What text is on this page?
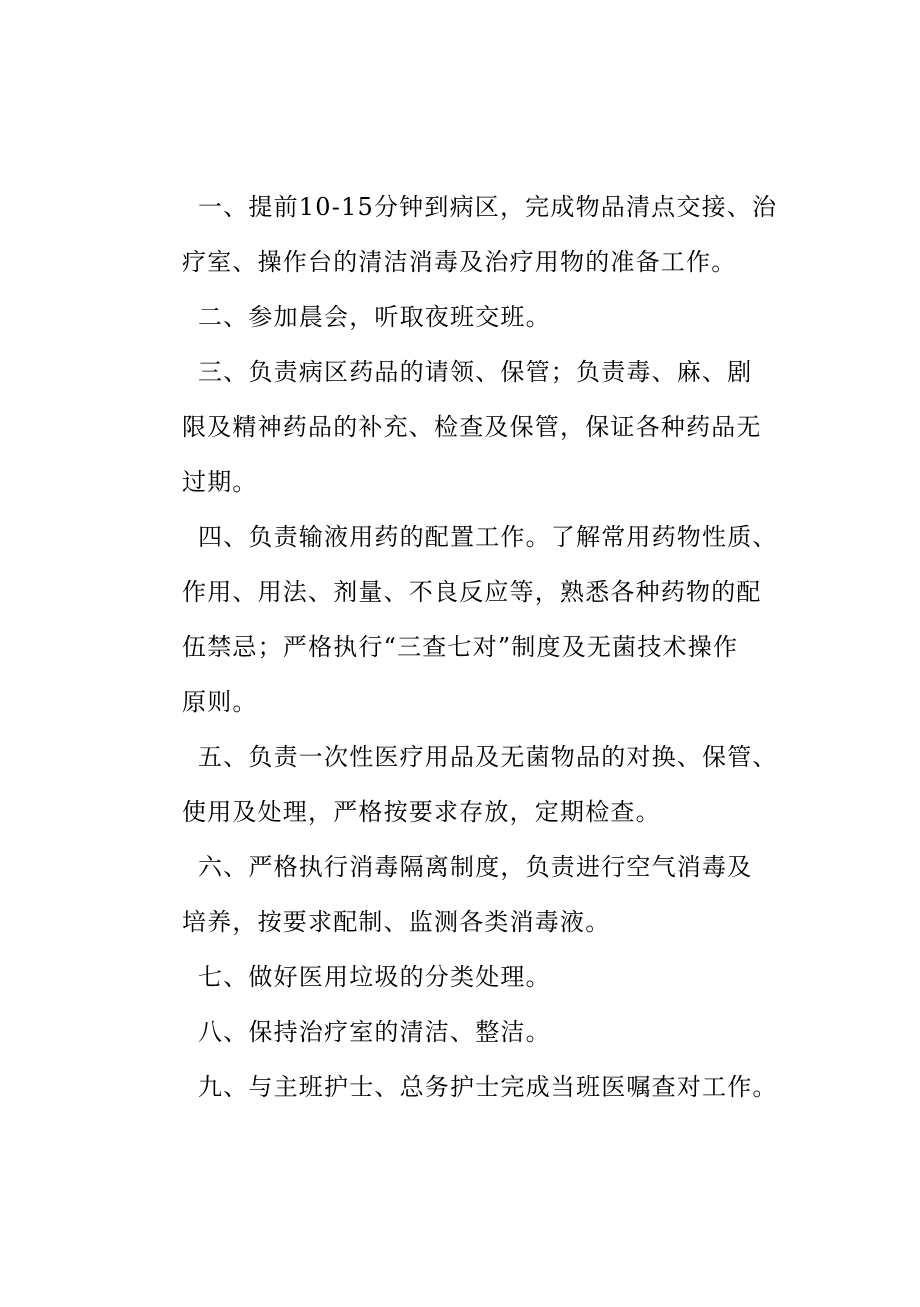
一、提前10-15分钟到病区，完成物品清点交接、治
疗室、操作台的清洁消毒及治疗用物的准备工作。
二、参加晨会，听取夜班交班。
三、负责病区药品的请领、保管；负责毒、麻、剧
限及精神药品的补充、检查及保管，保证各种药品无
过期。
四、负责输液用药的配置工作。了解常用药物性质、
作用、用法、剂量、不良反应等，熟悉各种药物的配
伍禁忌；严格执行“三查七对”制度及无菌技术操作
原则。
五、负责一次性医疗用品及无菌物品的对换、保管、
使用及处理，严格按要求存放，定期检查。
六、严格执行消毒隔离制度，负责进行空气消毒及
培养，按要求配制、监测各类消毒液。
七、做好医用垃圾的分类处理。
八、保持治疗室的清洁、整洁。
九、与主班护士、总务护士完成当班医嘱查对工作。
